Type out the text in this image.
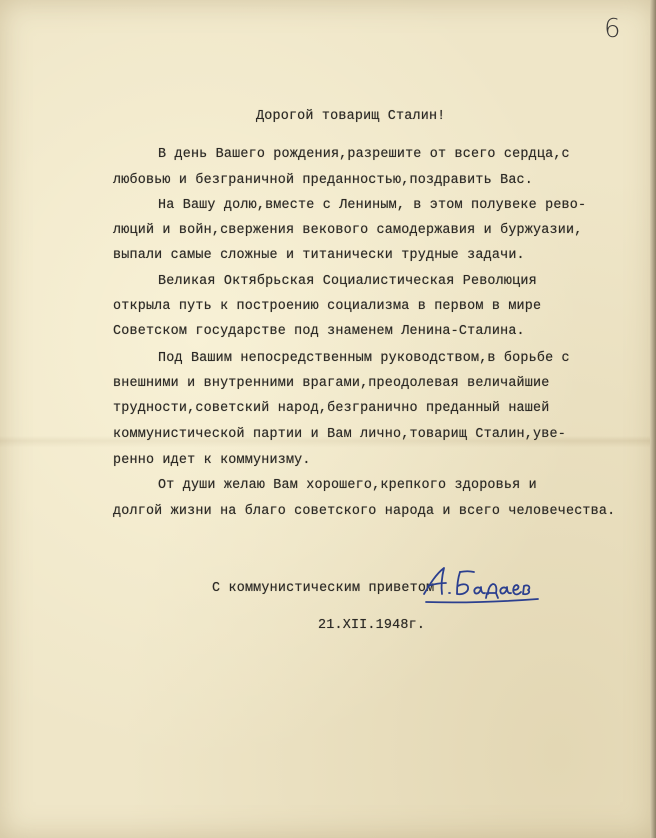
6

Дорогой товарищ Сталин!

В день Вашего рождения,разрешите от всего сердца,с

любовью и безграничной преданностью,поздравить Вас.

На Вашу долю,вместе с Лениным, в этом полувеке рево-

люций и войн,свержения векового самодержавия и буржуазии,

выпали самые сложные и титанически трудные задачи.

Великая Октябрьская Социалистическая Революция

открыла путь к построению социализма в первом в мире

Советском государстве под знаменем Ленина-Сталина.

Под Вашим непосредственным руководством,в борьбе с

внешними и внутренними врагами,преодолевая величайшие

трудности,советский народ,безгранично преданный нашей

коммунистической партии и Вам лично,товарищ Сталин,уве-

ренно идет к коммунизму.

От души желаю Вам хорошего,крепкого здоровья и

долгой жизни на благо советского народа и всего человечества.

С коммунистическим приветом

21.XII.1948г.
